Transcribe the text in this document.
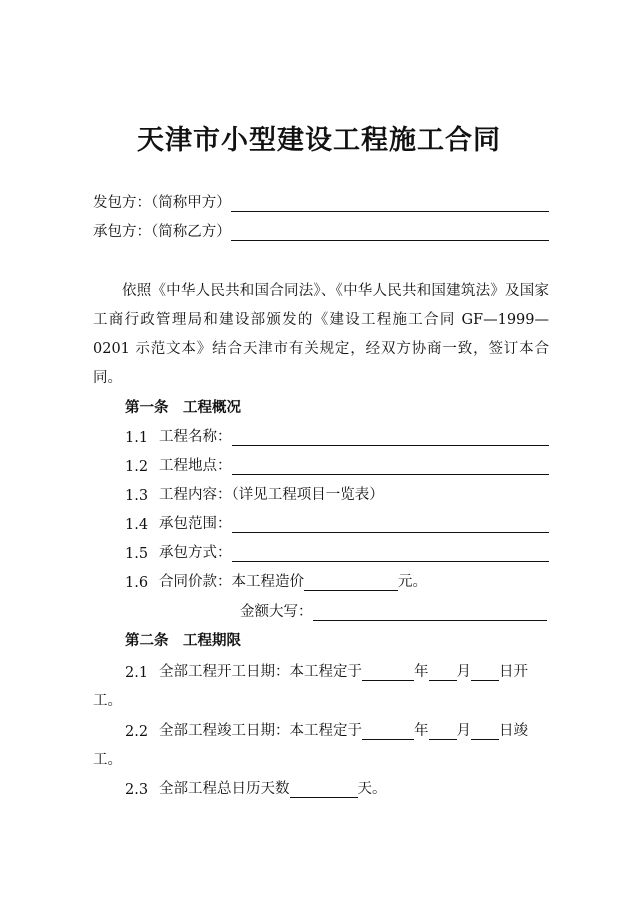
天津市小型建设工程施工合同
发包方：（简称甲方）
承包方：（简称乙方）
依照《中华人民共和国合同法》、《中华人民共和国建筑法》及国家工商行政管理局和建设部颁发的《建设工程施工合同 GF—1999—0201 示范文本》结合天津市有关规定，经双方协商一致，签订本合同。
第一条　工程概况
1.1 工程名称：
1.2 工程地点：
1.3 工程内容：（详见工程项目一览表）
1.4 承包范围：
1.5 承包方式：
1.6 合同价款：本工程造价	元。
金额大写：
第二条　工程期限
2.1 全部工程开工日期：本工程定于	年 月 日开
工。
2.2 全部工程竣工日期：本工程定于	年 月 日竣
工。
2.3 全部工程总日历天数	天。
